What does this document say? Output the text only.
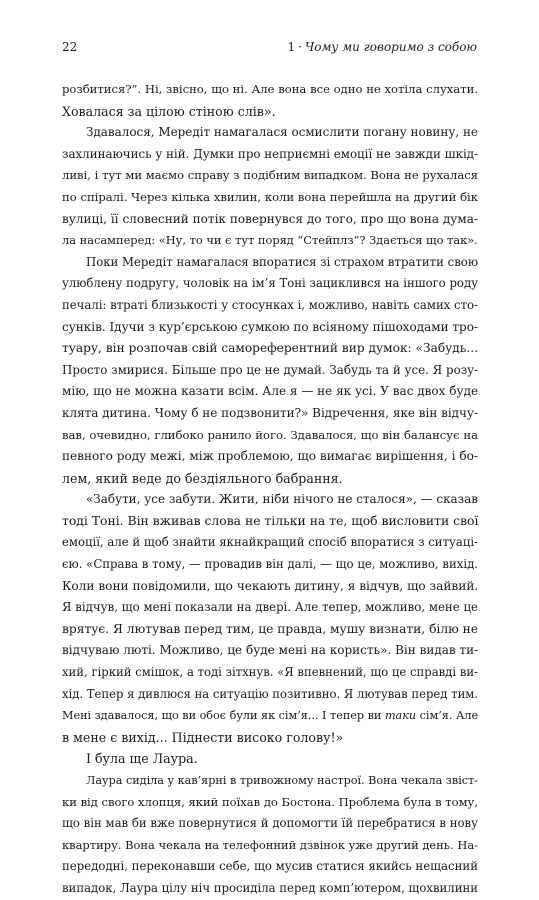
22	1 · Чому ми говоримо з собою
розбитися?”. Ні, звісно, що ні. Але вона все одно не хотіла слухати.
Ховалася за цілою стіною слів».
Здавалося, Мередіт намагалася осмислити погану новину, не
захлинаючись у ній. Думки про неприємні емоції не завжди шкід-
ливі, і тут ми маємо справу з подібним випадком. Вона не рухалася
по спіралі. Через кілька хвилин, коли вона перейшла на другий бік
вулиці, її словесний потік повернувся до того, про що вона дума-
ла насамперед: «Ну, то чи є тут поряд “Стейплз”? Здається що так».
Поки Мередіт намагалася впоратися зі страхом втратити свою
улюблену подругу, чоловік на ім’я Тоні зациклився на іншого роду
печалі: втраті близькості у стосунках і, можливо, навіть самих сто-
сунків. Ідучи з кур’єрською сумкою по всіяному пішоходами тро-
туару, він розпочав свій самореферентний вир думок: «Забудь...
Просто змирися. Більше про це не думай. Забудь та й усе. Я розу-
мію, що не можна казати всім. Але я — не як усі. У вас двох буде
клята дитина. Чому б не подзвонити?» Відречення, яке він відчу-
вав, очевидно, глибоко ранило його. Здавалося, що він балансує на
певного роду межі, між проблемою, що вимагає вирішення, і бо-
лем, який веде до бездіяльного бабрання.
«Забути, усе забути. Жити, ніби нічого не сталося», — сказав
тоді Тоні. Він вживав слова не тільки на те, щоб висловити свої
емоції, але й щоб знайти якнайкращий спосіб впоратися з ситуаці-
єю. «Справа в тому, — провадив він далі, — що це, можливо, вихід.
Коли вони повідомили, що чекають дитину, я відчув, що зайвий.
Я відчув, що мені показали на двері. Але тепер, можливо, мене це
врятує. Я лютував перед тим, це правда, мушу визнати, білю не
відчуваю люті. Можливо, це буде мені на користь». Він видав ти-
хий, гіркий смішок, а тоді зітхнув. «Я впевнений, що це справді ви-
хід. Тепер я дивлюся на ситуацію позитивно. Я лютував перед тим.
Мені здавалося, що ви обоє були як сім’я... І тепер ви таки сім’я. Але
в мене є вихід... Піднести високо голову!»
І була ще Лаура.
Лаура сиділа у кав’ярні в тривожному настрої. Вона чекала звіст-
ки від свого хлопця, який поїхав до Бостона. Проблема була в тому,
що він мав би вже повернутися й допомогти їй перебратися в нову
квартиру. Вона чекала на телефонний дзвінок уже другий день. На-
передодні, переконавши себе, що мусив статися якийсь нещасний
випадок, Лаура цілу ніч просиділа перед комп’ютером, щохвилини
